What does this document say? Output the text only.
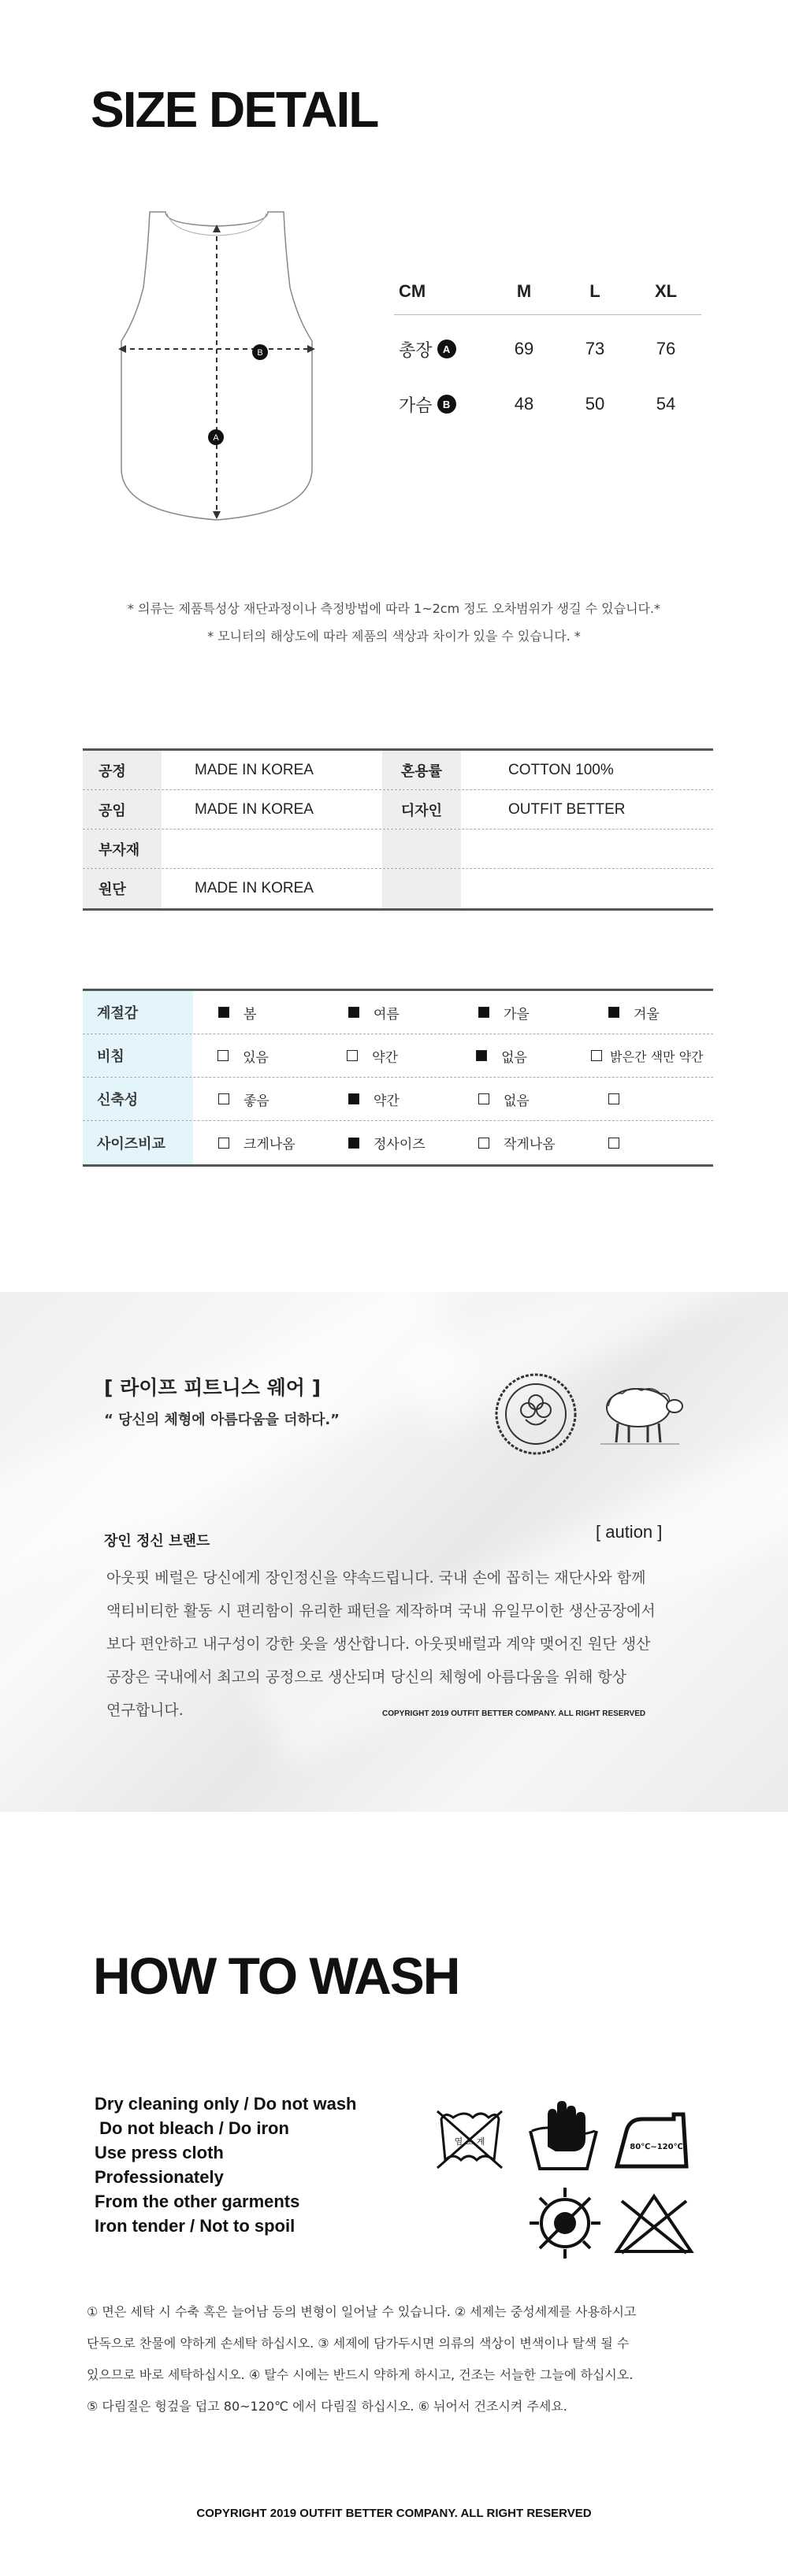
SIZE DETAIL
B
A
CM	M	L	XL
총장	A	69	73	76
가슴	B	48	50	54
* 의류는 제품특성상 재단과정이나 측정방법에 따라 1~2cm 정도 오차범위가 생길 수 있습니다.*
* 모니터의 해상도에 따라 제품의 색상과 차이가 있을 수 있습니다. *
공정	MADE IN KOREA	혼용률	COTTON 100%
공임	MADE IN KOREA	디자인	OUTFIT BETTER
부자재
원단	MADE IN KOREA
계절감	봄	여름	가을	겨울
비침	있음	약간	없음	밝은간 색만 약간
신축성	좋음	약간	없음
사이즈비교	크게나옴	정사이즈	작게나옴
[ 라이프 피트니스 웨어 ]
“ 당신의 체형에 아름다움을 더하다.”
장인 정신 브랜드	[ aution ]
아웃핏 베럴은 당신에게 장인정신을 약속드립니다. 국내 손에 꼽히는 재단사와 함께
액티비티한 활동 시 편리함이 유리한 패턴을 제작하며 국내 유일무이한 생산공장에서
보다 편안하고 내구성이 강한 옷을 생산합니다. 아웃핏배럴과 계약 맺어진 원단 생산
공장은 국내에서 최고의 공정으로 생산되며 당신의 체형에 아름다움을 위해 항상
연구합니다.	COPYRIGHT 2019 OUTFIT BETTER COMPANY. ALL RIGHT RESERVED
HOW TO WASH
Dry cleaning only / Do not wash
Do not bleach / Do iron
Use press cloth
Professionately
From the other garments
Iron tender / Not to spoil
염 소 계
80℃~120℃
① 면은 세탁 시 수축 혹은 늘어남 등의 변형이 일어날 수 있습니다. ② 세제는 중성세제를 사용하시고
단독으로 찬물에 약하게 손세탁 하십시오. ③ 세제에 담가두시면 의류의 색상이 변색이나 탈색 될 수
있으므로 바로 세탁하십시오. ④ 탈수 시에는 반드시 약하게 하시고, 건조는 서늘한 그늘에 하십시오.
⑤ 다림질은 헝겊을 덥고 80~120℃ 에서 다림질 하십시오. ⑥ 뉘어서 건조시켜 주세요.
COPYRIGHT 2019 OUTFIT BETTER COMPANY. ALL RIGHT RESERVED
